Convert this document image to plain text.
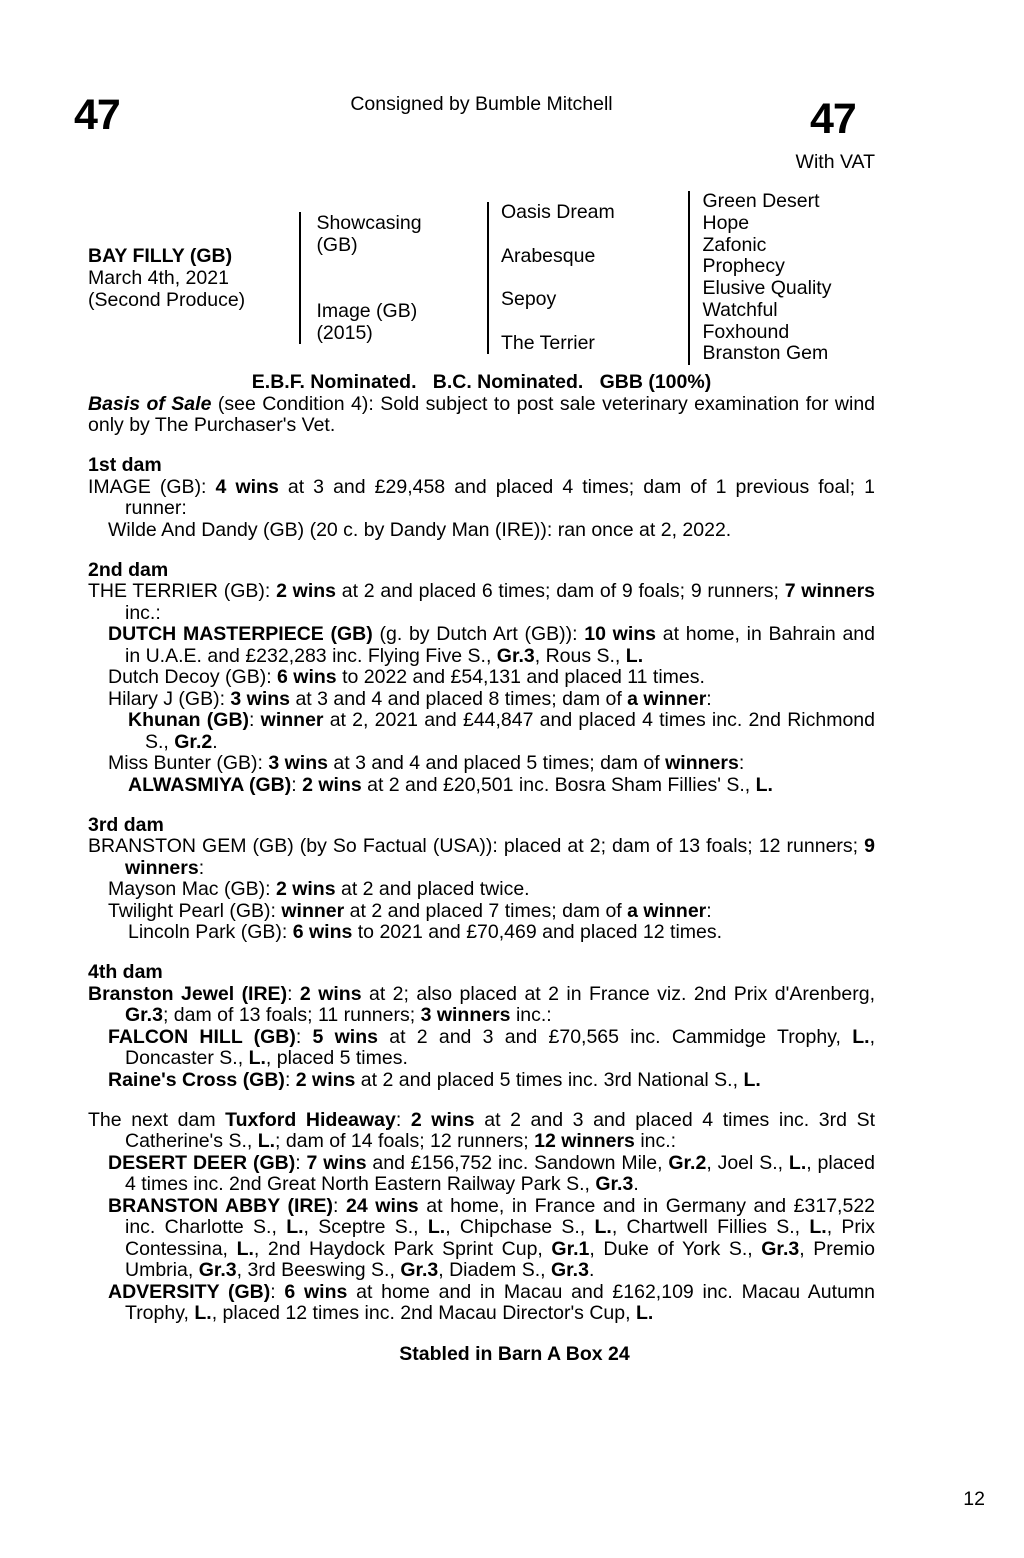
47	Consigned by Bumble Mitchell	47
With VAT
BAY FILLY (GB)
March 4th, 2021
(Second Produce)
Showcasing
(GB)
Image (GB)
(2015)
Oasis Dream
Arabesque
Sepoy
The Terrier
Green Desert
Hope
Zafonic
Prophecy
Elusive Quality
Watchful
Foxhound
Branston Gem
E.B.F. Nominated.   B.C. Nominated.   GBB (100%)

Basis of Sale (see Condition 4): Sold subject to post sale veterinary examination for wind only by The Purchaser's Vet.

1st dam

IMAGE (GB): 4 wins at 3 and £29,458 and placed 4 times; dam of 1 previous foal; 1 runner:

Wilde And Dandy (GB) (20 c. by Dandy Man (IRE)): ran once at 2, 2022.

2nd dam

THE TERRIER (GB): 2 wins at 2 and placed 6 times; dam of 9 foals; 9 runners; 7 winners inc.:

DUTCH MASTERPIECE (GB) (g. by Dutch Art (GB)): 10 wins at home, in Bahrain and in U.A.E. and £232,283 inc. Flying Five S., Gr.3, Rous S., L.

Dutch Decoy (GB): 6 wins to 2022 and £54,131 and placed 11 times.

Hilary J (GB): 3 wins at 3 and 4 and placed 8 times; dam of a winner:

Khunan (GB): winner at 2, 2021 and £44,847 and placed 4 times inc. 2nd Richmond S., Gr.2.

Miss Bunter (GB): 3 wins at 3 and 4 and placed 5 times; dam of winners:

ALWASMIYA (GB): 2 wins at 2 and £20,501 inc. Bosra Sham Fillies' S., L.

3rd dam

BRANSTON GEM (GB) (by So Factual (USA)): placed at 2; dam of 13 foals; 12 runners; 9 winners:

Mayson Mac (GB): 2 wins at 2 and placed twice.

Twilight Pearl (GB): winner at 2 and placed 7 times; dam of a winner:

Lincoln Park (GB): 6 wins to 2021 and £70,469 and placed 12 times.

4th dam

Branston Jewel (IRE): 2 wins at 2; also placed at 2 in France viz. 2nd Prix d'Arenberg, Gr.3; dam of 13 foals; 11 runners; 3 winners inc.:

FALCON HILL (GB): 5 wins at 2 and 3 and £70,565 inc. Cammidge Trophy, L., Doncaster S., L., placed 5 times.

Raine's Cross (GB): 2 wins at 2 and placed 5 times inc. 3rd National S., L.

The next dam Tuxford Hideaway: 2 wins at 2 and 3 and placed 4 times inc. 3rd St Catherine's S., L.; dam of 14 foals; 12 runners; 12 winners inc.:

DESERT DEER (GB): 7 wins and £156,752 inc. Sandown Mile, Gr.2, Joel S., L., placed 4 times inc. 2nd Great North Eastern Railway Park S., Gr.3.

BRANSTON ABBY (IRE): 24 wins at home, in France and in Germany and £317,522 inc. Charlotte S., L., Sceptre S., L., Chipchase S., L., Chartwell Fillies S., L., Prix Contessina, L., 2nd Haydock Park Sprint Cup, Gr.1, Duke of York S., Gr.3, Premio Umbria, Gr.3, 3rd Beeswing S., Gr.3, Diadem S., Gr.3.

ADVERSITY (GB): 6 wins at home and in Macau and £162,109 inc. Macau Autumn Trophy, L., placed 12 times inc. 2nd Macau Director's Cup, L.

Stabled in Barn A Box 24
12
